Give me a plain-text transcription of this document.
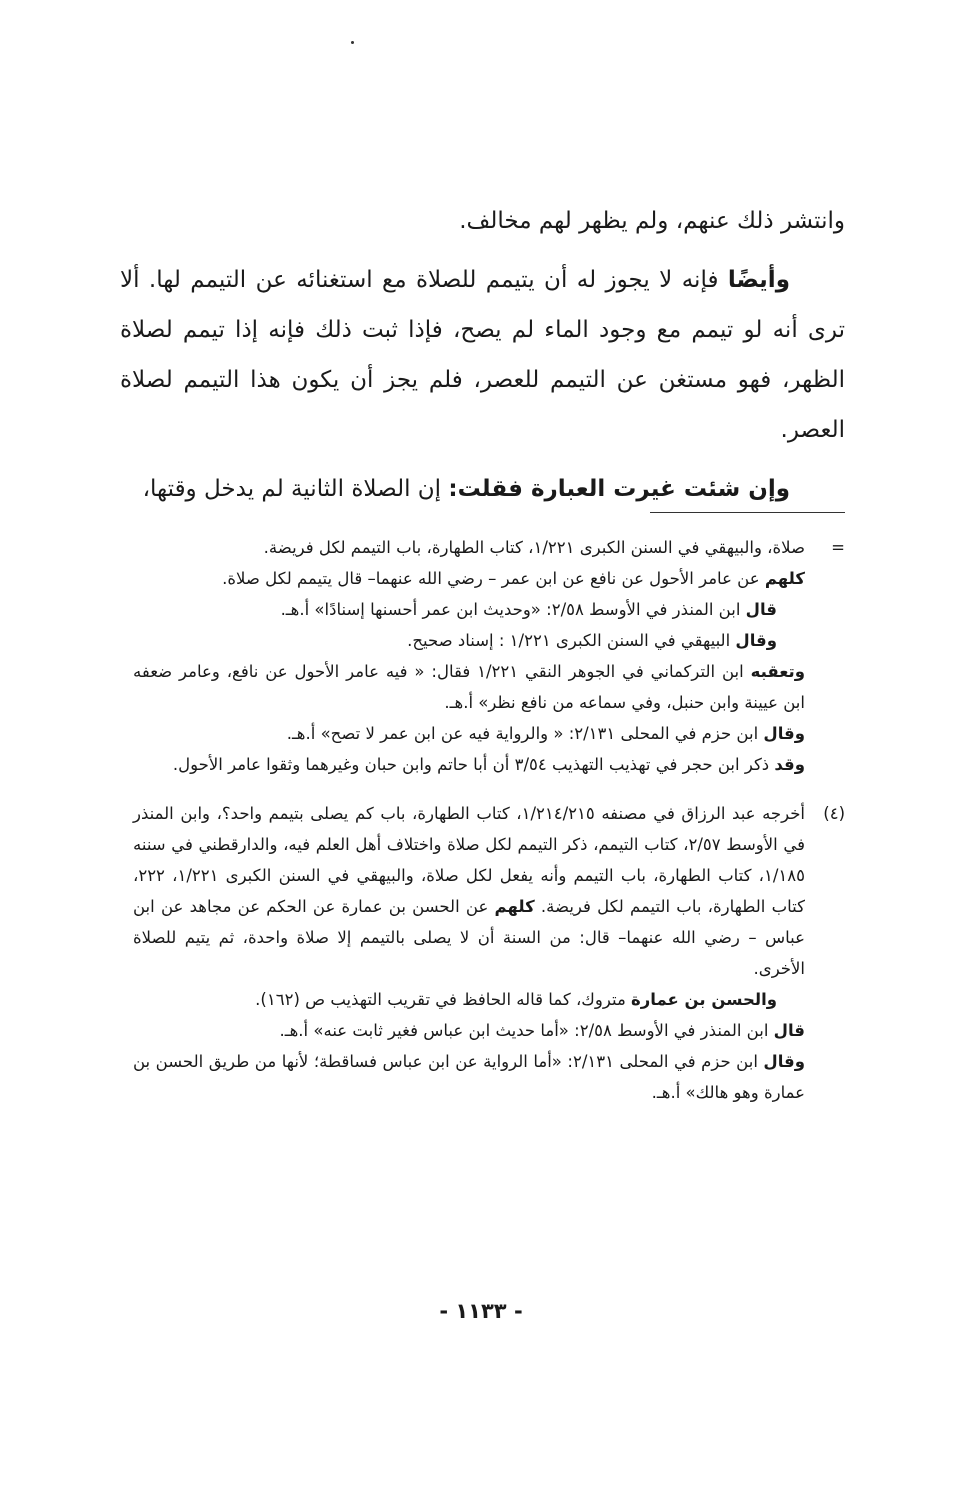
وانتشر ذلك عنهم، ولم يظهر لهم مخالف.

وأيضًا فإنه لا يجوز له أن يتيمم للصلاة مع استغنائه عن التيمم لها. ألا ترى أنه لو تيمم مع وجود الماء لم يصح، فإذا ثبت ذلك فإنه إذا تيمم لصلاة الظهر، فهو مستغن عن التيمم للعصر، فلم يجز أن يكون هذا التيمم لصلاة العصر.

وإن شئت غيرت العبارة فقلت: إن الصلاة الثانية لم يدخل وقتها،

=

صلاة، والبيهقي في السنن الكبرى ١/٢٢١، كتاب الطهارة، باب التيمم لكل فريضة.

كلهم عن عامر الأحول عن نافع عن ابن عمر – رضي الله عنهما– قال يتيمم لكل صلاة.

قال ابن المنذر في الأوسط ٢/٥٨: «وحديث ابن عمر أحسنها إسنادًا» أ.هـ.

وقال البيهقي في السنن الكبرى ١/٢٢١ : إسناد صحيح.

وتعقبه ابن التركماني في الجوهر النقي ١/٢٢١ فقال: « فيه عامر الأحول عن نافع، وعامر ضعفه ابن عيينة وابن حنبل، وفي سماعه من نافع نظر» أ.هـ.

وقال ابن حزم في المحلى ٢/١٣١: « والرواية فيه عن ابن عمر لا تصح» أ.هـ.

وقد ذكر ابن حجر في تهذيب التهذيب ٣/٥٤ أن أبا حاتم وابن حبان وغيرهما وثقوا عامر الأحول.

(٤)

أخرجه عبد الرزاق في مصنفه ١/٢١٤/٢١٥، كتاب الطهارة، باب كم يصلى بتيمم واحد؟، وابن المنذر في الأوسط ٢/٥٧، كتاب التيمم، ذكر التيمم لكل صلاة واختلاف أهل العلم فيه، والدارقطني في سننه ١/١٨٥، كتاب الطهارة، باب التيمم وأنه يفعل لكل صلاة، والبيهقي في السنن الكبرى ١/٢٢١، ٢٢٢، كتاب الطهارة، باب التيمم لكل فريضة. كلهم عن الحسن بن عمارة عن الحكم عن مجاهد عن ابن عباس – رضي الله عنهما– قال: من السنة أن لا يصلى بالتيمم إلا صلاة واحدة، ثم يتيم للصلاة الأخرى.

والحسن بن عمارة متروك، كما قاله الحافظ في تقريب التهذيب ص (١٦٢).

قال ابن المنذر في الأوسط ٢/٥٨: «أما حديث ابن عباس فغير ثابت عنه» أ.هـ.

وقال ابن حزم في المحلى ٢/١٣١: «أما الرواية عن ابن عباس فساقطة؛ لأنها من طريق الحسن بن عمارة وهو هالك» أ.هـ.

- ١١٣٣ -
